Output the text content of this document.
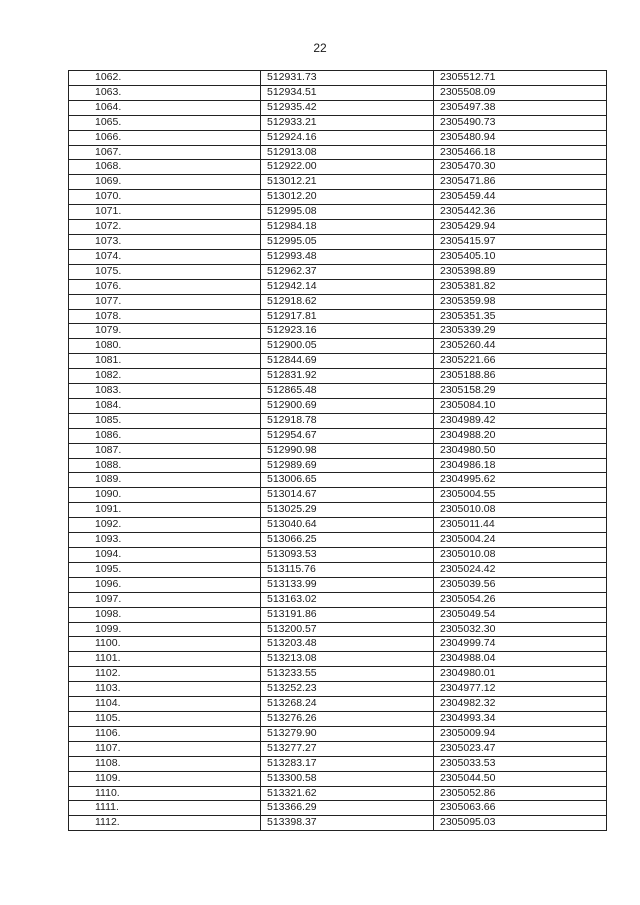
22
1062.	512931.73	2305512.71
1063.	512934.51	2305508.09
1064.	512935.42	2305497.38
1065.	512933.21	2305490.73
1066.	512924.16	2305480.94
1067.	512913.08	2305466.18
1068.	512922.00	2305470.30
1069.	513012.21	2305471.86
1070.	513012.20	2305459.44
1071.	512995.08	2305442.36
1072.	512984.18	2305429.94
1073.	512995.05	2305415.97
1074.	512993.48	2305405.10
1075.	512962.37	2305398.89
1076.	512942.14	2305381.82
1077.	512918.62	2305359.98
1078.	512917.81	2305351.35
1079.	512923.16	2305339.29
1080.	512900.05	2305260.44
1081.	512844.69	2305221.66
1082.	512831.92	2305188.86
1083.	512865.48	2305158.29
1084.	512900.69	2305084.10
1085.	512918.78	2304989.42
1086.	512954.67	2304988.20
1087.	512990.98	2304980.50
1088.	512989.69	2304986.18
1089.	513006.65	2304995.62
1090.	513014.67	2305004.55
1091.	513025.29	2305010.08
1092.	513040.64	2305011.44
1093.	513066.25	2305004.24
1094.	513093.53	2305010.08
1095.	513115.76	2305024.42
1096.	513133.99	2305039.56
1097.	513163.02	2305054.26
1098.	513191.86	2305049.54
1099.	513200.57	2305032.30
1100.	513203.48	2304999.74
1101.	513213.08	2304988.04
1102.	513233.55	2304980.01
1103.	513252.23	2304977.12
1104.	513268.24	2304982.32
1105.	513276.26	2304993.34
1106.	513279.90	2305009.94
1107.	513277.27	2305023.47
1108.	513283.17	2305033.53
1109.	513300.58	2305044.50
1110.	513321.62	2305052.86
1111.	513366.29	2305063.66
1112.	513398.37	2305095.03
